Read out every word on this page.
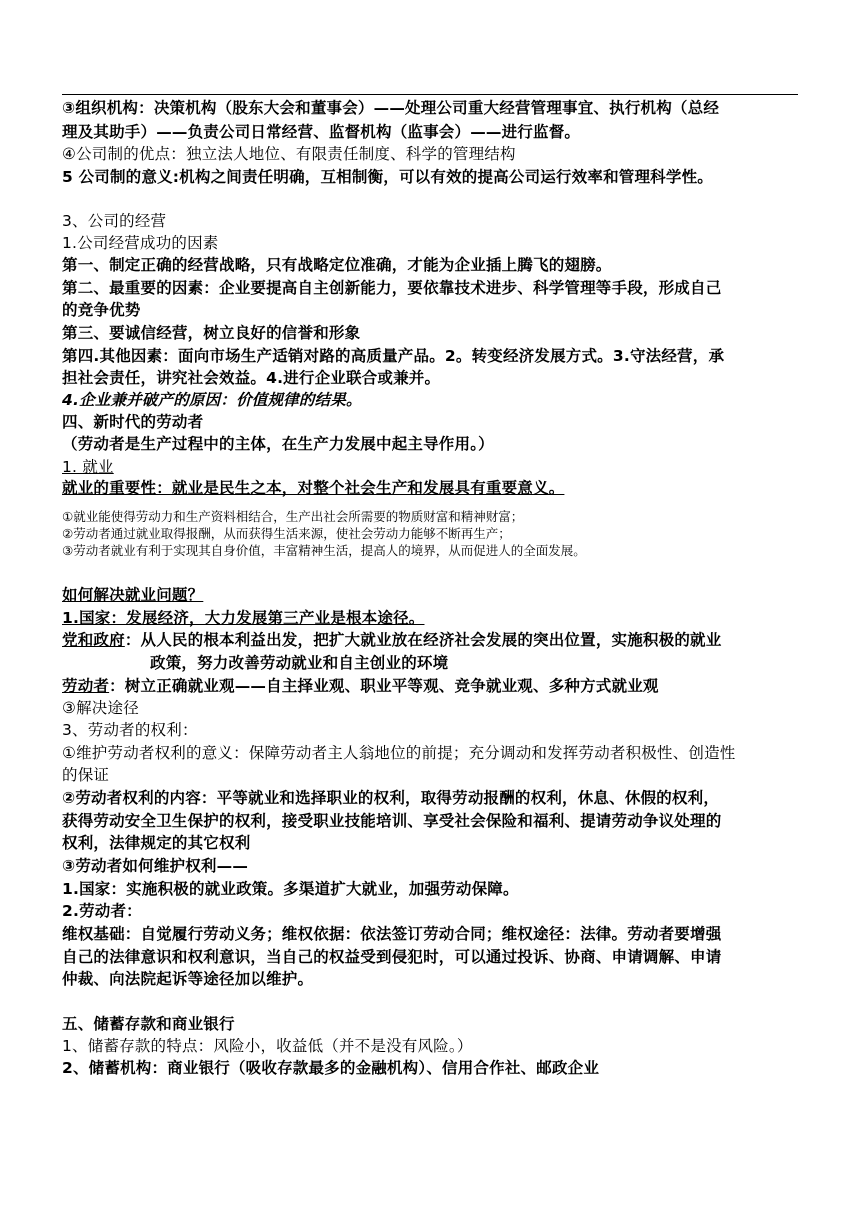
③组织机构：决策机构（股东大会和董事会）——处理公司重大经营管理事宜、执行机构（总经
理及其助手）——负责公司日常经营、监督机构（监事会）——进行监督。
④公司制的优点：独立法人地位、有限责任制度、科学的管理结构
5 公司制的意义:机构之间责任明确，互相制衡，可以有效的提高公司运行效率和管理科学性。
3、公司的经营
1.公司经营成功的因素
第一、制定正确的经营战略，只有战略定位准确，才能为企业插上腾飞的翅膀。
第二、最重要的因素：企业要提高自主创新能力，要依靠技术进步、科学管理等手段，形成自己
的竞争优势
第三、要诚信经营，树立良好的信誉和形象
第四.其他因素：面向市场生产适销对路的高质量产品。2。转变经济发展方式。3.守法经营，承
担社会责任，讲究社会效益。4.进行企业联合或兼并。
4.企业兼并破产的原因：价值规律的结果。
四、新时代的劳动者
（劳动者是生产过程中的主体，在生产力发展中起主导作用。）
1. 就业
就业的重要性：就业是民生之本，对整个社会生产和发展具有重要意义。
①就业能使得劳动力和生产资料相结合，生产出社会所需要的物质财富和精神财富；
②劳动者通过就业取得报酬，从而获得生活来源，使社会劳动力能够不断再生产；
③劳动者就业有利于实现其自身价值，丰富精神生活，提高人的境界，从而促进人的全面发展。
如何解决就业问题？
1.国家：发展经济，大力发展第三产业是根本途径。
党和政府：从人民的根本利益出发，把扩大就业放在经济社会发展的突出位置，实施积极的就业
政策，努力改善劳动就业和自主创业的环境
劳动者：树立正确就业观——自主择业观、职业平等观、竞争就业观、多种方式就业观
③解决途径
3、劳动者的权利：
①维护劳动者权利的意义：保障劳动者主人翁地位的前提；充分调动和发挥劳动者积极性、创造性
的保证
②劳动者权利的内容：平等就业和选择职业的权利，取得劳动报酬的权利，休息、休假的权利，
获得劳动安全卫生保护的权利，接受职业技能培训、享受社会保险和福利、提请劳动争议处理的
权利，法律规定的其它权利
③劳动者如何维护权利——
1.国家：实施积极的就业政策。多渠道扩大就业，加强劳动保障。
2.劳动者：
维权基础：自觉履行劳动义务；维权依据：依法签订劳动合同；维权途径：法律。劳动者要增强
自己的法律意识和权利意识，当自己的权益受到侵犯时，可以通过投诉、协商、申请调解、申请
仲裁、向法院起诉等途径加以维护。
五、储蓄存款和商业银行
1、储蓄存款的特点：风险小，收益低（并不是没有风险。）
2、储蓄机构：商业银行（吸收存款最多的金融机构）、信用合作社、邮政企业
